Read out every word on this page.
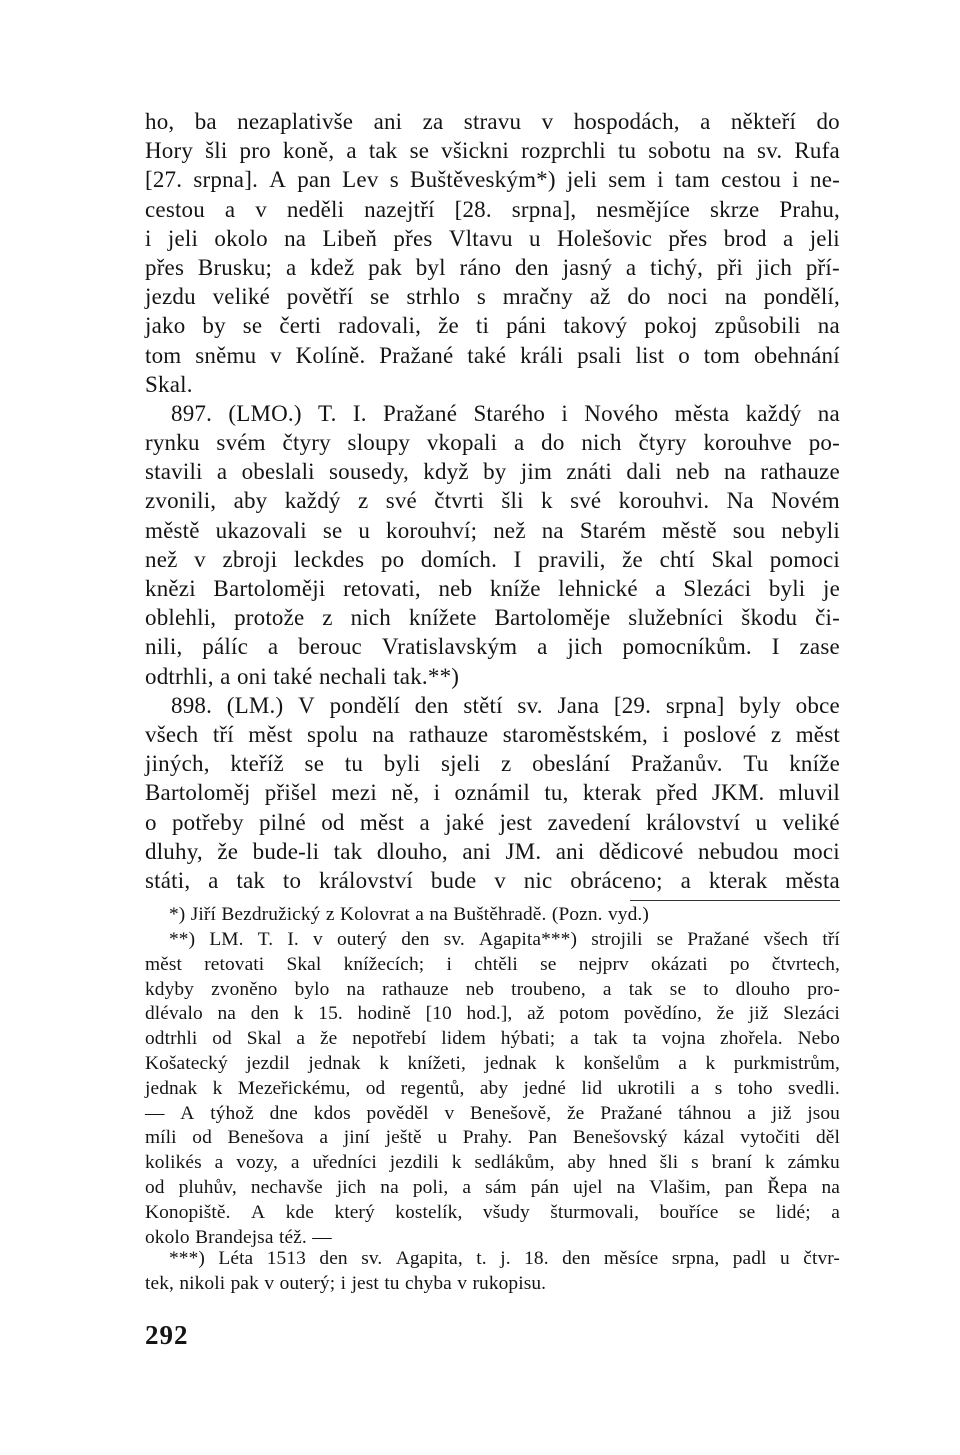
ho, ba nezaplativše ani za stravu v hospodách, a někteří do
Hory šli pro koně, a tak se všickni rozprchli tu sobotu na sv. Rufa
[27. srpna]. A pan Lev s Buštěveským*) jeli sem i tam cestou i ne-
cestou a v neděli nazejtří [28. srpna], nesmějíce skrze Prahu,
i jeli okolo na Libeň přes Vltavu u Holešovic přes brod a jeli
přes Brusku; a kdež pak byl ráno den jasný a tichý, při jich pří-
jezdu veliké povětří se strhlo s mračny až do noci na pondělí,
jako by se čerti radovali, že ti páni takový pokoj způsobili na
tom sněmu v Kolíně. Pražané také králi psali list o tom obehnání
Skal.
897. (LMO.) T. I. Pražané Starého i Nového města každý na
rynku svém čtyry sloupy vkopali a do nich čtyry korouhve po-
stavili a obeslali sousedy, když by jim znáti dali neb na rathauze
zvonili, aby každý z své čtvrti šli k své korouhvi. Na Novém
městě ukazovali se u korouhví; než na Starém městě sou nebyli
než v zbroji leckdes po domích. I pravili, že chtí Skal pomoci
knězi Bartoloměji retovati, neb kníže lehnické a Slezáci byli je
oblehli, protože z nich knížete Bartoloměje služebníci škodu či-
nili, pálíc a berouc Vratislavským a jich pomocníkům. I zase
odtrhli, a oni také nechali tak.**)
898. (LM.) V pondělí den stětí sv. Jana [29. srpna] byly obce
všech tří měst spolu na rathauze staroměstském, i poslové z měst
jiných, kteříž se tu byli sjeli z obeslání Pražanův. Tu kníže
Bartoloměj přišel mezi ně, i oznámil tu, kterak před JKM. mluvil
o potřeby pilné od měst a jaké jest zavedení království u veliké
dluhy, že bude-li tak dlouho, ani JM. ani dědicové nebudou moci
státi, a tak to království bude v nic obráceno; a kterak města
*) Jiří Bezdružický z Kolovrat a na Buštěhradě. (Pozn. vyd.)
**) LM. T. I. v outerý den sv. Agapita***) strojili se Pražané všech tří
měst retovati Skal knížecích; i chtěli se nejprv okázati po čtvrtech,
kdyby zvoněno bylo na rathauze neb troubeno, a tak se to dlouho pro-
dlévalo na den k 15. hodině [10 hod.], až potom povědíno, že již Slezáci
odtrhli od Skal a že nepotřebí lidem hýbati; a tak ta vojna zhořela. Nebo
Košatecký jezdil jednak k knížeti, jednak k konšelům a k purkmistrům,
jednak k Mezeřickému, od regentů, aby jedné lid ukrotili a s toho svedli.
— A týhož dne kdos pověděl v Benešově, že Pražané táhnou a již jsou
míli od Benešova a jiní ještě u Prahy. Pan Benešovský kázal vytočiti děl
kolikés a vozy, a uředníci jezdili k sedlákům, aby hned šli s braní k zámku
od pluhův, nechavše jich na poli, a sám pán ujel na Vlašim, pan Řepa na
Konopiště. A kde který kostelík, všudy šturmovali, bouříce se lidé; a
okolo Brandejsa též. —
***) Léta 1513 den sv. Agapita, t. j. 18. den měsíce srpna, padl u čtvr-
tek, nikoli pak v outerý; i jest tu chyba v rukopisu.
292
